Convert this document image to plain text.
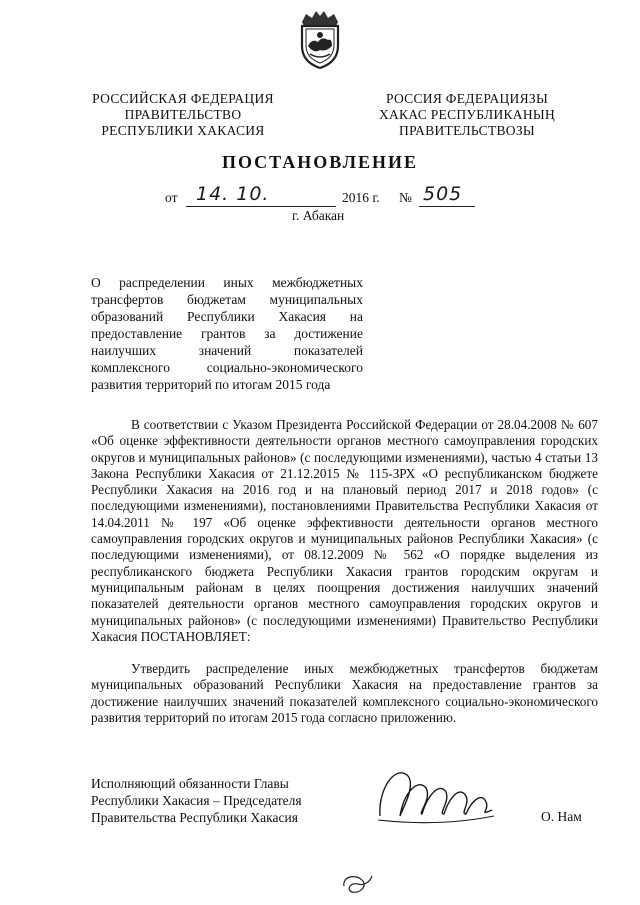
РОССИЙСКАЯ ФЕДЕРАЦИЯ
ПРАВИТЕЛЬСТВО
РЕСПУБЛИКИ ХАКАСИЯ
РОССИЯ ФЕДЕРАЦИЯЗЫ
ХАКАС РЕСПУБЛИКАНЫҢ
ПРАВИТЕЛЬСТВОЗЫ
ПОСТАНОВЛЕНИЕ
от 14. 10.	2016 г. № 505
г. Абакан
О распределении иных межбюджетных трансфертов бюджетам муниципальных образований Республики Хакасия на предоставление грантов за достижение наилучших значений показателей комплексного социально-экономического развития территорий по итогам 2015 года
В соответствии с Указом Президента Российской Федерации от 28.04.2008 № 607 «Об оценке эффективности деятельности органов местного самоуправления городских округов и муниципальных районов» (с последующими изменениями), частью 4 статьи 13 Закона Республики Хакасия от 21.12.2015 № 115-ЗРХ «О республиканском бюджете Республики Хакасия на 2016 год и на плановый период 2017 и 2018 годов» (с последующими изменениями), постановлениями Правительства Республики Хакасия от 14.04.2011 № 197 «Об оценке эффективности деятельности органов местного самоуправления городских округов и муниципальных районов Республики Хакасия» (с последующими изменениями), от 08.12.2009 № 562 «О порядке выделения из республиканского бюджета Республики Хакасия грантов городским округам и муниципальным районам в целях поощрения достижения наилучших значений показателей деятельности органов местного самоуправления городских округов и муниципальных районов» (с последующими изменениями) Правительство Республики Хакасия ПОСТАНОВЛЯЕТ:
Утвердить распределение иных межбюджетных трансфертов бюджетам муниципальных образований Республики Хакасия на предоставление грантов за достижение наилучших значений показателей комплексного социально-экономического развития территорий по итогам 2015 года согласно приложению.
Исполняющий обязанности Главы
Республики Хакасия – Председателя
Правительства Республики Хакасия	О. Нам
